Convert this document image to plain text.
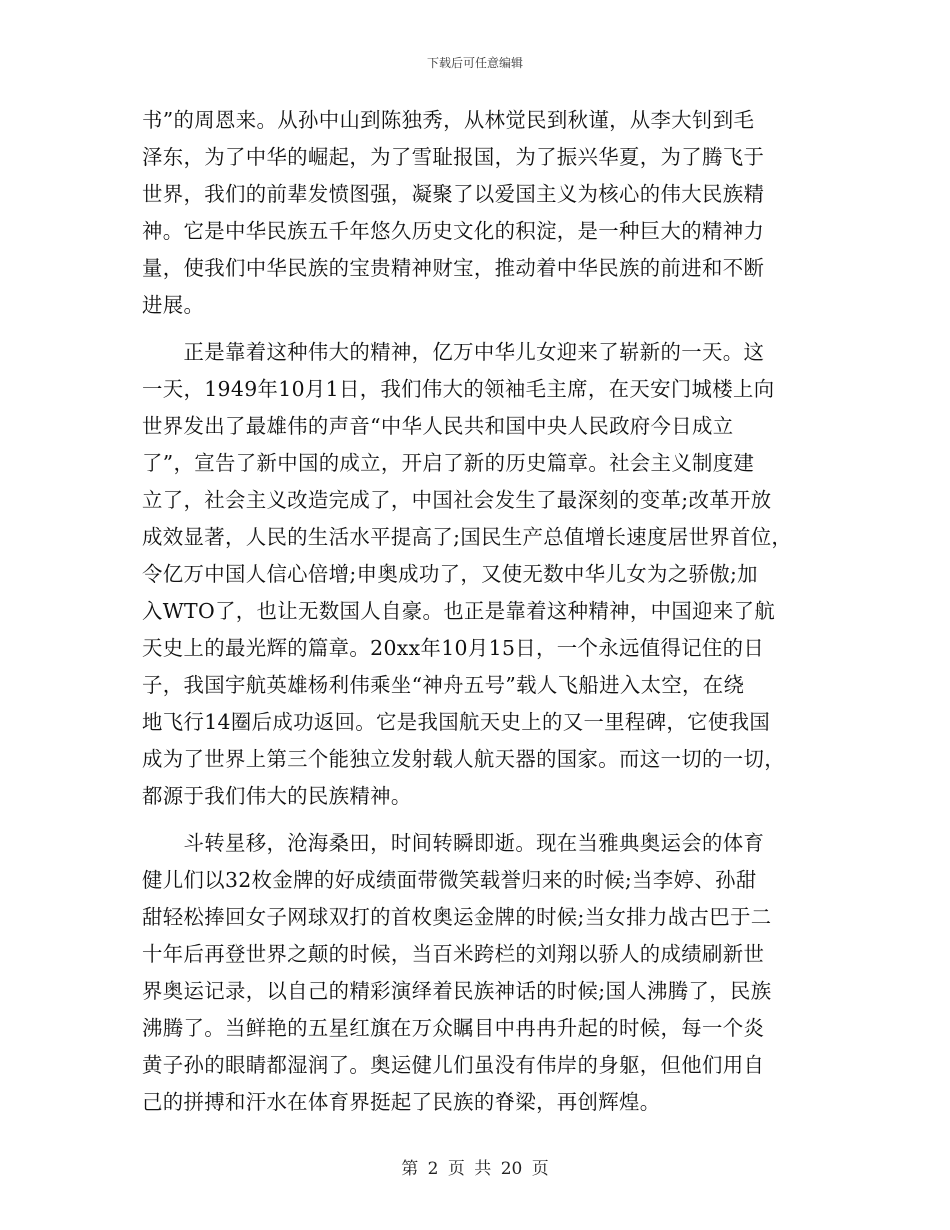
下载后可任意编辑
书”的周恩来。从孙中山到陈独秀，从林觉民到秋谨，从李大钊到毛
泽东，为了中华的崛起，为了雪耻报国，为了振兴华夏，为了腾飞于
世界，我们的前辈发愤图强，凝聚了以爱国主义为核心的伟大民族精
神。它是中华民族五千年悠久历史文化的积淀，是一种巨大的精神力
量，使我们中华民族的宝贵精神财宝，推动着中华民族的前进和不断
进展。
　　正是靠着这种伟大的精神，亿万中华儿女迎来了崭新的一天。这
一天，1949年10月1日，我们伟大的领袖毛主席，在天安门城楼上向
世界发出了最雄伟的声音“中华人民共和国中央人民政府今日成立
了”，宣告了新中国的成立，开启了新的历史篇章。社会主义制度建
立了，社会主义改造完成了，中国社会发生了最深刻的变革;改革开放
成效显著，人民的生活水平提高了;国民生产总值增长速度居世界首位，
令亿万中国人信心倍增;申奥成功了，又使无数中华儿女为之骄傲;加
入WTO了，也让无数国人自豪。也正是靠着这种精神，中国迎来了航
天史上的最光辉的篇章。20xx年10月15日，一个永远值得记住的日
子，我国宇航英雄杨利伟乘坐“神舟五号”载人飞船进入太空，在绕
地飞行14圈后成功返回。它是我国航天史上的又一里程碑，它使我国
成为了世界上第三个能独立发射载人航天器的国家。而这一切的一切，
都源于我们伟大的民族精神。
　　斗转星移，沧海桑田，时间转瞬即逝。现在当雅典奥运会的体育
健儿们以32枚金牌的好成绩面带微笑载誉归来的时候;当李婷、孙甜
甜轻松捧回女子网球双打的首枚奥运金牌的时候;当女排力战古巴于二
十年后再登世界之颠的时候，当百米跨栏的刘翔以骄人的成绩刷新世
界奥运记录，以自己的精彩演绎着民族神话的时候;国人沸腾了，民族
沸腾了。当鲜艳的五星红旗在万众瞩目中冉冉升起的时候，每一个炎
黄子孙的眼睛都湿润了。奥运健儿们虽没有伟岸的身躯，但他们用自
己的拼搏和汗水在体育界挺起了民族的脊梁，再创辉煌。
第 2 页 共 20 页
